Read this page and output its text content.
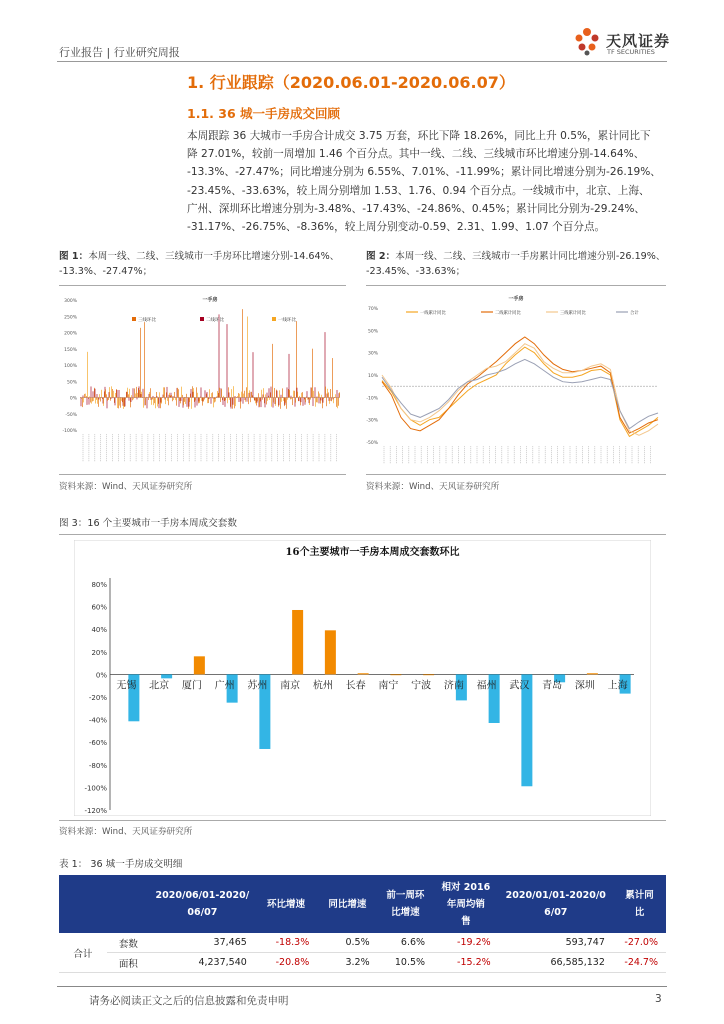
行业报告 | 行业研究周报
天风证券
TF SECURITIES
1. 行业跟踪（2020.06.01-2020.06.07）
1.1. 36 城一手房成交回顾
本周跟踪 36 大城市一手房合计成交 3.75 万套，环比下降 18.26%，同比上升 0.5%，累计同比下
降 27.01%，较前一周增加 1.46 个百分点。其中一线、二线、三线城市环比增速分别-14.64%、
-13.3%、-27.47%；同比增速分别为 6.55%、7.01%、-11.99%；累计同比增速分别为-26.19%、
-23.45%、-33.63%，较上周分别增加 1.53、1.76、0.94 个百分点。一线城市中，北京、上海、
广州、深圳环比增速分别为-3.48%、-17.43%、-24.86%、0.45%；累计同比分别为-29.24%、
-31.17%、-26.75%、-8.36%，较上周分别变动-0.59、2.31、1.99、1.07 个百分点。
图 1：本周一线、二线、三线城市一手房环比增速分别-14.64%、
-13.3%、-27.47%；
300%
250%
200%
150%
100%
50%
0%
-50%
-100%
一手房
三线环比	二线环比	一线环比
资料来源：Wind、天风证券研究所
图 2：本周一线、二线、三线城市一手房累计同比增速分别-26.19%、
-23.45%、-33.63%；
70%
50%
30%
10%
-10%
-30%
-50%
一手房
一线累计同比	二线累计同比	三线累计同比	合计
资料来源：Wind、天风证券研究所
图 3：16 个主要城市一手房本周成交套数
16个主要城市一手房本周成交套数环比
80%
60%
40%
20%
0%
-20%
-40%
-60%
-80%
-100%
-120%
无锡 北京 厦门 广州 苏州 南京 杭州 长春 南宁 宁波 济南 福州 武汉 青岛 深圳 上海
资料来源：Wind、天风证券研究所
表 1： 36 城一手房成交明细
		2020/06/01-2020/
06/07	环比增速	同比增速	前一周环
比增速	相对 2016
年周均销
售	2020/01/01-2020/0
6/07	累计同
比
合计	套数	37,465	-18.3%	0.5%	6.6%	-19.2%	593,747	-27.0%
	面积	4,237,540	-20.8%	3.2%	10.5%	-15.2%	66,585,132	-24.7%
请务必阅读正文之后的信息披露和免责申明	3
